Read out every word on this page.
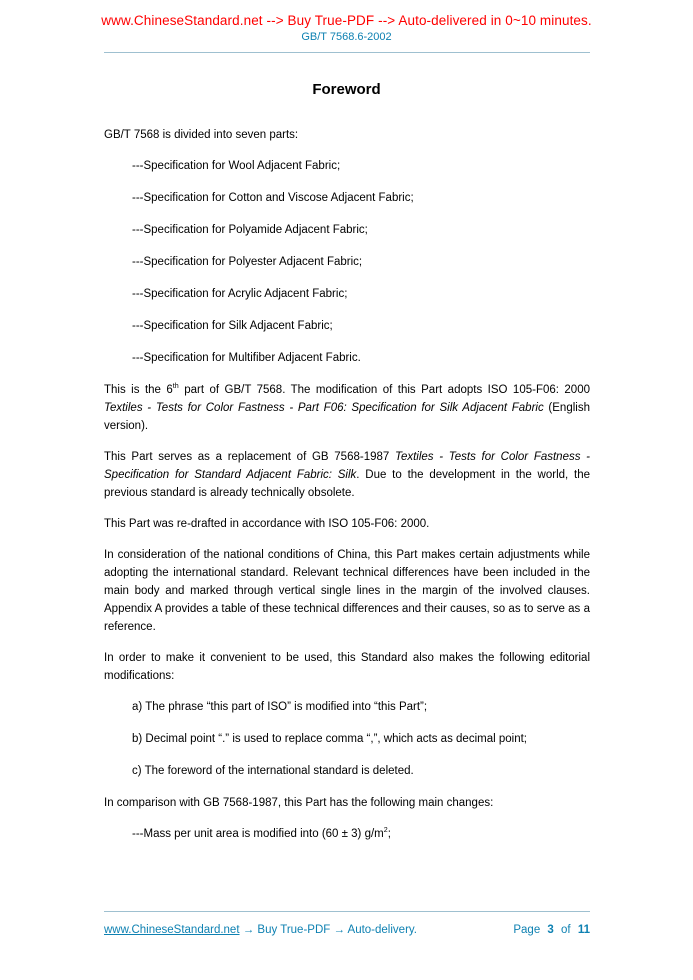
www.ChineseStandard.net --> Buy True-PDF --> Auto-delivered in 0~10 minutes.
GB/T 7568.6-2002
Foreword

GB/T 7568 is divided into seven parts:

---Specification for Wool Adjacent Fabric;

---Specification for Cotton and Viscose Adjacent Fabric;

---Specification for Polyamide Adjacent Fabric;

---Specification for Polyester Adjacent Fabric;

---Specification for Acrylic Adjacent Fabric;

---Specification for Silk Adjacent Fabric;

---Specification for Multifiber Adjacent Fabric.

This is the 6th part of GB/T 7568. The modification of this Part adopts ISO 105-F06: 2000 Textiles - Tests for Color Fastness - Part F06: Specification for Silk Adjacent Fabric (English version).

This Part serves as a replacement of GB 7568-1987 Textiles - Tests for Color Fastness - Specification for Standard Adjacent Fabric: Silk. Due to the development in the world, the previous standard is already technically obsolete.

This Part was re-drafted in accordance with ISO 105-F06: 2000.

In consideration of the national conditions of China, this Part makes certain adjustments while adopting the international standard. Relevant technical differences have been included in the main body and marked through vertical single lines in the margin of the involved clauses. Appendix A provides a table of these technical differences and their causes, so as to serve as a reference.

In order to make it convenient to be used, this Standard also makes the following editorial modifications:

a) The phrase “this part of ISO” is modified into “this Part”;

b) Decimal point “.” is used to replace comma “,”, which acts as decimal point;

c) The foreword of the international standard is deleted.

In comparison with GB 7568-1987, this Part has the following main changes:

---Mass per unit area is modified into (60 ± 3) $g/m^2$;

www.ChineseStandard.net → Buy True-PDF → Auto-delivery.	Page 3 of 11
